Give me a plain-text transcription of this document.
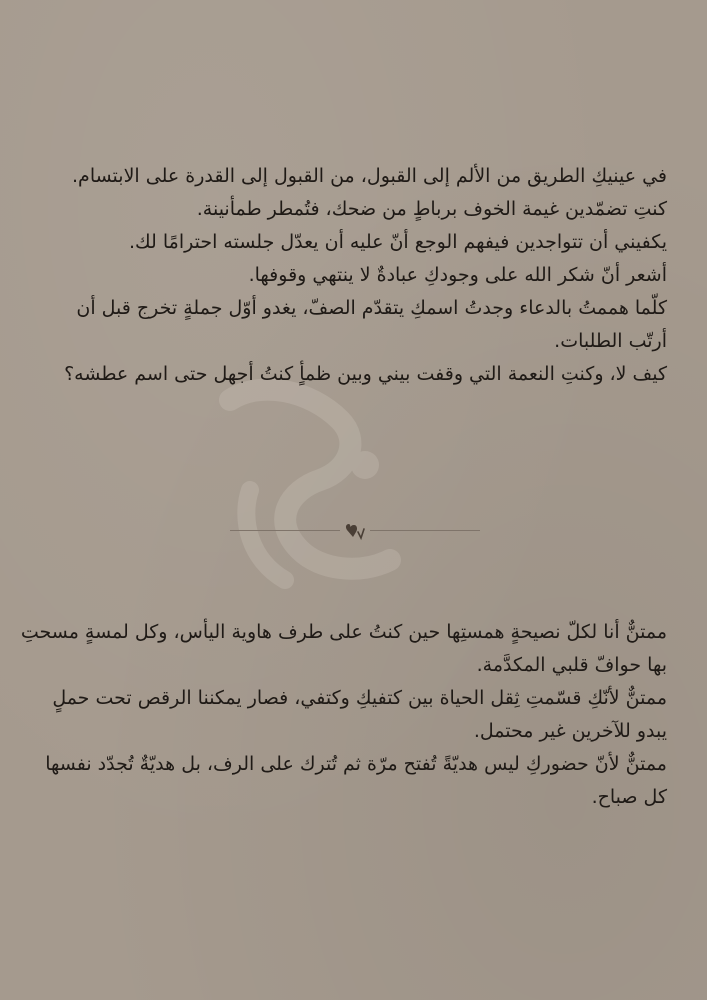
في عينيكِ الطريق من الألم إلى القبول، من القبول إلى القدرة على الابتسام.
كنتِ تضمّدين غيمة الخوف برباطٍ من ضحك، فتُمطر طمأنينة.
يكفيني أن تتواجدين فيفهم الوجع أنّ عليه أن يعدّل جلسته احترامًا لك.
أشعر أنّ شكر الله على وجودكِ عبادةٌ لا ينتهي وقوفها.
كلّما هممتُ بالدعاء وجدتُ اسمكِ يتقدّم الصفّ، يغدو أوّل جملةٍ تخرج قبل أن
أرتّب الطلبات.
كيف لا، وكنتِ النعمة التي وقفت بيني وبين ظمأٍ كنتُ أجهل حتى اسم عطشه؟
ممتنٌّ أنا لكلّ نصيحةٍ همستِها حين كنتُ على طرف هاوية اليأس، وكل لمسةٍ مسحتِ
بها حوافّ قلبي المكدَّمة.
ممتنٌّ لأنّكِ قسّمتِ ثِقل الحياة بين كتفيكِ وكتفي، فصار يمكننا الرقص تحت حملٍ
يبدو للآخرين غير محتمل.
ممتنٌّ لأنّ حضوركِ ليس هديّةً تُفتح مرّة ثم تُترك على الرف، بل هديّةٌ تُجدّد نفسها
كل صباح.
